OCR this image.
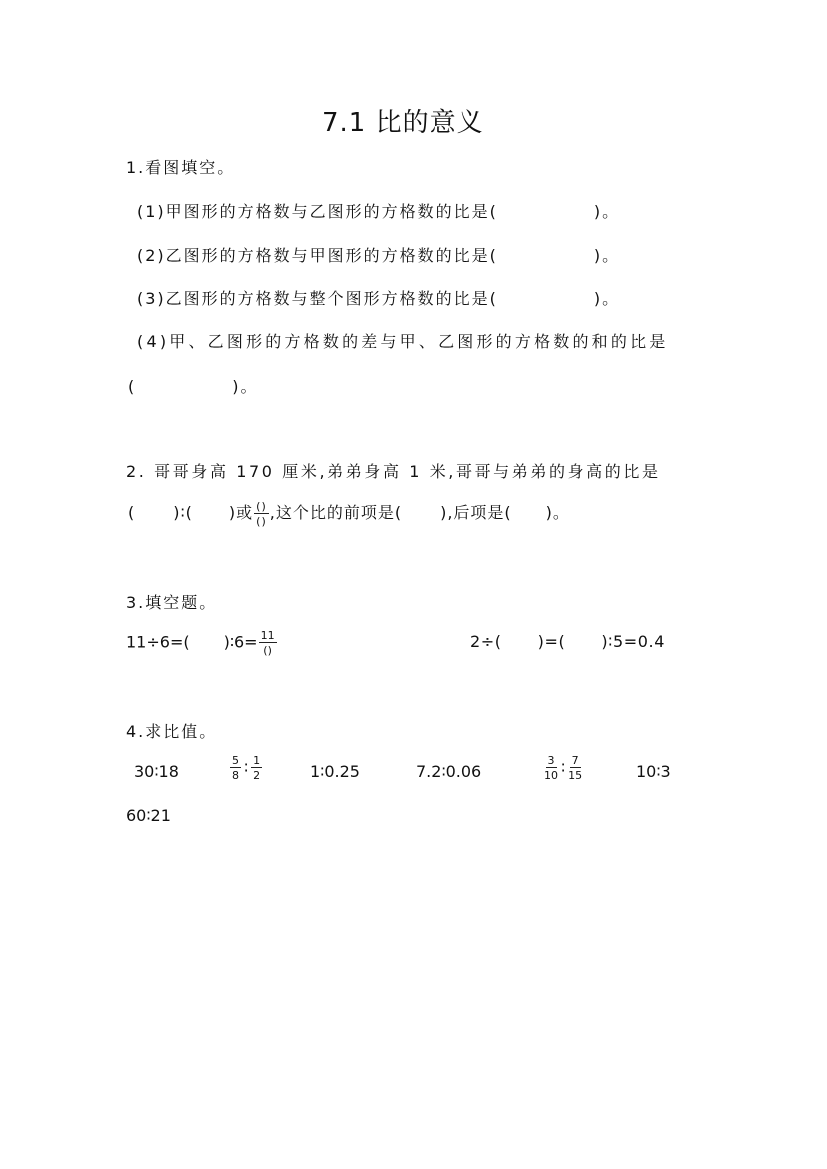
7.1 比的意义
1.看图填空。
(1)甲图形的方格数与乙图形的方格数的比是(	)。
(2)乙图形的方格数与甲图形的方格数的比是(	)。
(3)乙图形的方格数与整个图形方格数的比是(	)。
(4)甲、乙图形的方格数的差与甲、乙图形的方格数的和的比是
(	)。
2. 哥哥身高 170 厘米,弟弟身高 1 米,哥哥与弟弟的身高的比是
( )∶( )或 $\frac{()}{()}$ ,这个比的前项是( ),后项是( )。
3.填空题。
11÷6=( )∶6= $\frac{11}{()}$	2÷( )=( )∶5=0.4
4.求比值。
30∶18	$\frac{5}{8}$ ∶ $\frac{1}{2}$	1∶0.25	7.2∶0.06	$\frac{3}{10}$ ∶ $\frac{7}{15}$	10∶3
60∶21
